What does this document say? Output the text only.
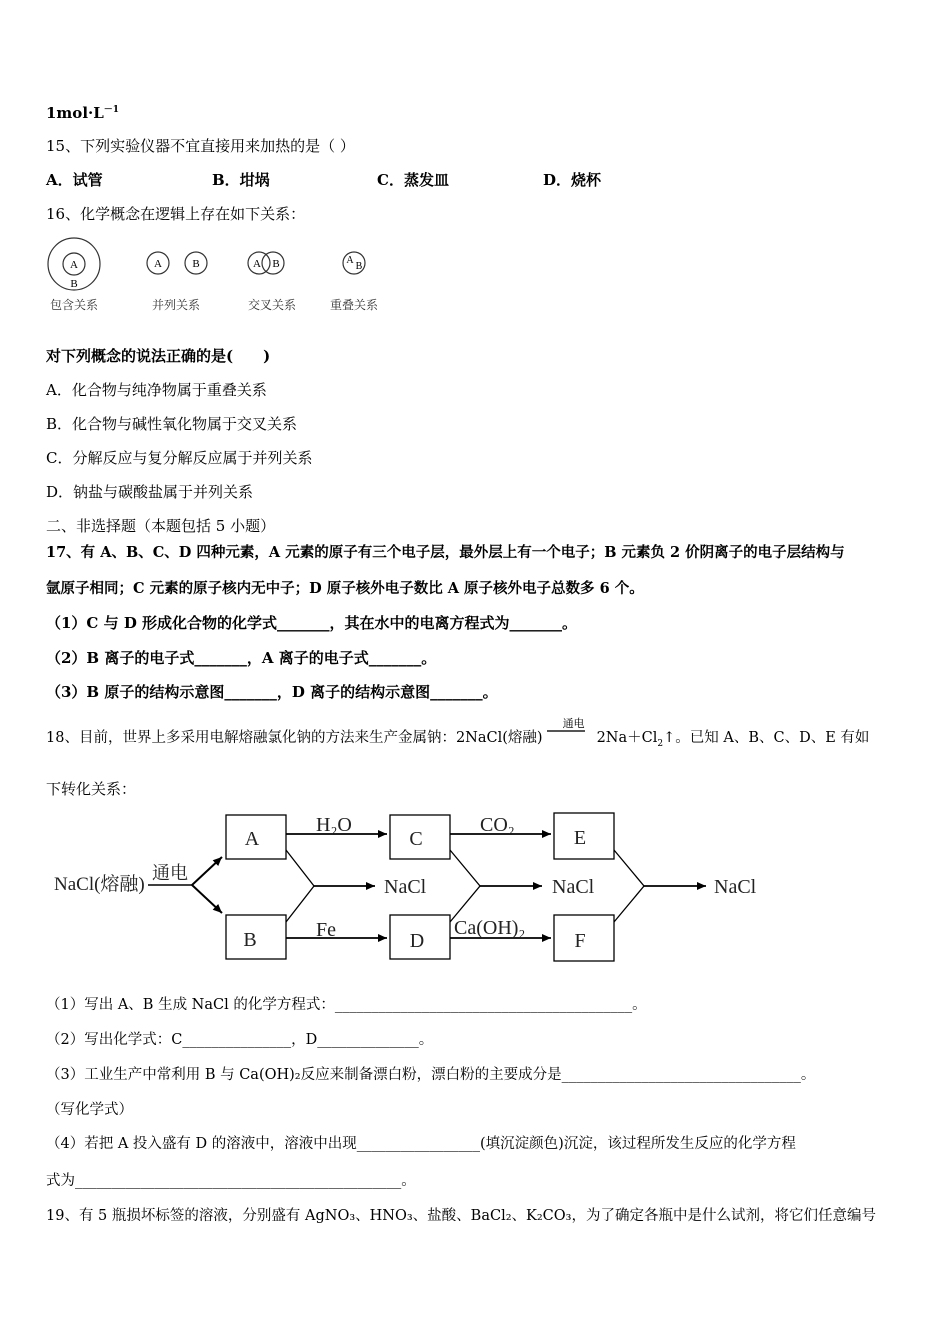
$1mol\cdot L^{-1}$
15、下列实验仪器不宜直接用来加热的是（ ）
A．试管	B．坩埚	C．蒸发皿	D．烧杯
16、化学概念在逻辑上存在如下关系：
A
B
A	B	A B	A
B
包含关系	并列关系	交叉关系	重叠关系
对下列概念的说法正确的是(　　)
A．化合物与纯净物属于重叠关系
B．化合物与碱性氧化物属于交叉关系
C．分解反应与复分解反应属于并列关系
D．钠盐与碳酸盐属于并列关系
二、非选择题（本题包括 5 小题）
17、有 A、B、C、D 四种元素，A 元素的原子有三个电子层，最外层上有一个电子；B 元素负 2 价阴离子的电子层结构与
氩原子相同；C 元素的原子核内无中子；D 原子核外电子数比 A 原子核外电子总数多 6 个。
（1）C 与 D 形成化合物的化学式_______，其在水中的电离方程式为_______。
（2）B 离子的电子式_______，A 离子的电子式_______。
（3）B 原子的结构示意图_______，D 离子的结构示意图_______。
18、目前，世界上多采用电解熔融氯化钠的方法来生产金属钠：2NaCl(熔融)
通电
$2Na+Cl_2↑$。已知 A、B、C、D、E 有如
下转化关系：
NaCl(熔融)
通电
A
B
C
D
E
F
H₂O
Fe
CO₂
Ca(OH)₂
NaCl	NaCl	NaCl
（1）写出 A、B 生成 NaCl 的化学方程式：_________________________________________。
（2）写出化学式：C_______________，D______________。
（3）工业生产中常利用 B 与 Ca(OH)₂反应来制备漂白粉，漂白粉的主要成分是_________________________________。
（写化学式）
（4）若把 A 投入盛有 D 的溶液中，溶液中出现_________________(填沉淀颜色)沉淀，该过程所发生反应的化学方程
式为_____________________________________________。
19、有 5 瓶损坏标签的溶液，分别盛有 AgNO₃、HNO₃、盐酸、BaCl₂、K₂CO₃，为了确定各瓶中是什么试剂，将它们任意编号
